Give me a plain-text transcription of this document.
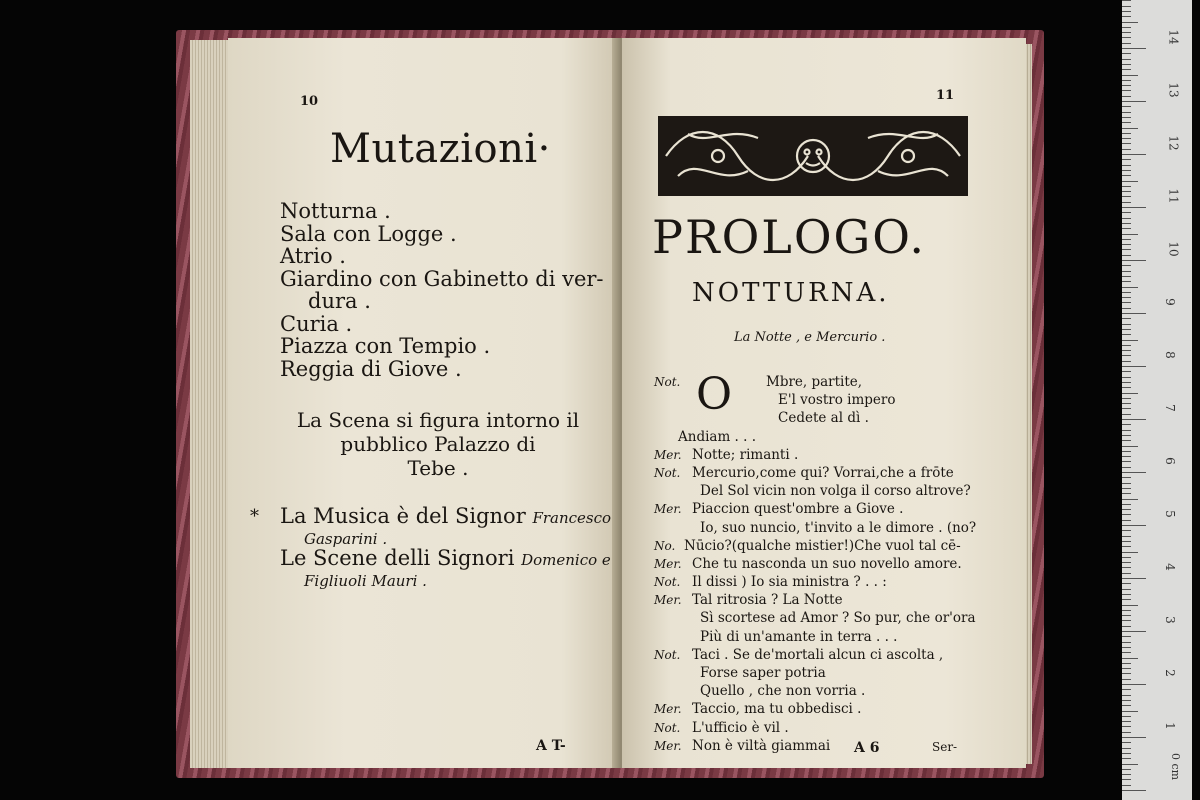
10
Mutazioni·
Notturna .
Sala con Logge .
Atrio .
Giardino con Gabinetto di ver-
dura .
Curia .
Piazza con Tempio .
Reggia di Giove .
La Scena si figura intorno il
pubblico Palazzo di
Tebe .
* La Musica è del Signor Francesco
Gasparini .
Le Scene delli Signori Domenico e
Figliuoli Mauri .
A T-
11
PROLOGO.
NOTTURNA.
La Notte , e Mercurio .
O
Not.	Mbre, partite,
E'l vostro impero
Cedete al dì .
Andiam . . .
Mer. Notte; rimanti .
Not. Mercurio,come qui? Vorrai,che a frōte
Del Sol vicin non volga il corso altrove?
Mer. Piaccion quest'ombre a Giove .
Io, suo nuncio, t'invito a le dimore . (no?
No. Nūcio?(qualche mistier!)Che vuol tal cē-
Mer. Che tu nasconda un suo novello amore.
Not. Il dissi ) Io sia ministra ? . . :
Mer. Tal ritrosia ? La Notte
Sì scortese ad Amor ? So pur, che or'ora
Più di un'amante in terra . . .
Not. Taci . Se de'mortali alcun ci ascolta ,
Forse saper potria
Quello , che non vorria .
Mer. Taccio, ma tu obbedisci .
Not. L'ufficio è vil .
Mer. Non è viltà giammai	A 6	Ser-
14
13
12
11
10
9
8
7
6
5
4
3
2
1
0 cm
